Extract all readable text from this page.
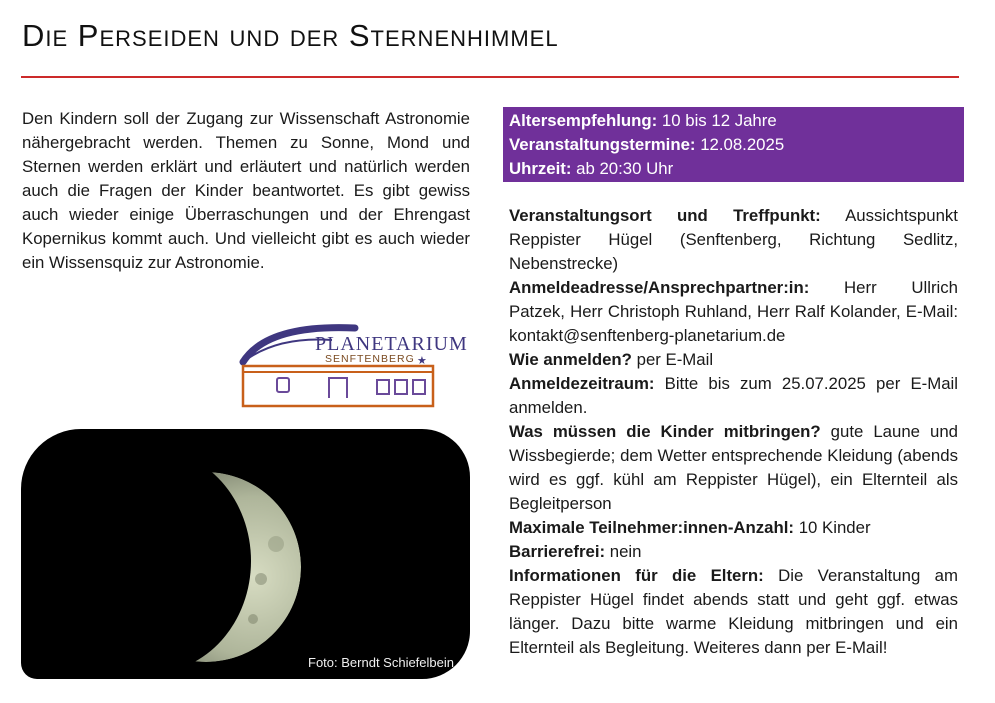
Die Perseiden und der Sternenhimmel
Den Kindern soll der Zugang zur Wissenschaft Astronomie nähergebracht werden. Themen zu Sonne, Mond und Sternen werden erklärt und erläutert und natürlich werden auch die Fragen der Kinder beantwortet. Es gibt gewiss auch wieder einige Überraschungen und der Ehrengast Kopernikus kommt auch. Und vielleicht gibt es auch wieder ein Wissensquiz zur Astronomie.
PLANETARIUM
SENFTENBERG ★
Foto: Berndt Schiefelbein
Altersempfehlung: 10 bis 12 Jahre
Veranstaltungstermine: 12.08.2025
Uhrzeit: ab 20:30 Uhr

Veranstaltungsort und Treffpunkt: Aussichtspunkt Reppister Hügel (Senftenberg, Richtung Sedlitz, Nebenstrecke)

Anmeldeadresse/Ansprechpartner:in: Herr Ullrich Patzek, Herr Christoph Ruhland, Herr Ralf Kolander, E-Mail: kontakt@senftenberg-planetarium.de

Wie anmelden? per E-Mail

Anmeldezeitraum: Bitte bis zum 25.07.2025 per E-Mail anmelden.

Was müssen die Kinder mitbringen? gute Laune und Wissbegierde; dem Wetter entsprechende Kleidung (abends wird es ggf. kühl am Reppister Hügel), ein Elternteil als Begleitperson

Maximale Teilnehmer:innen-Anzahl: 10 Kinder

Barrierefrei: nein

Informationen für die Eltern: Die Veranstaltung am Reppister Hügel findet abends statt und geht ggf. etwas länger. Dazu bitte warme Kleidung mitbringen und ein Elternteil als Begleitung. Weiteres dann per E-Mail!
